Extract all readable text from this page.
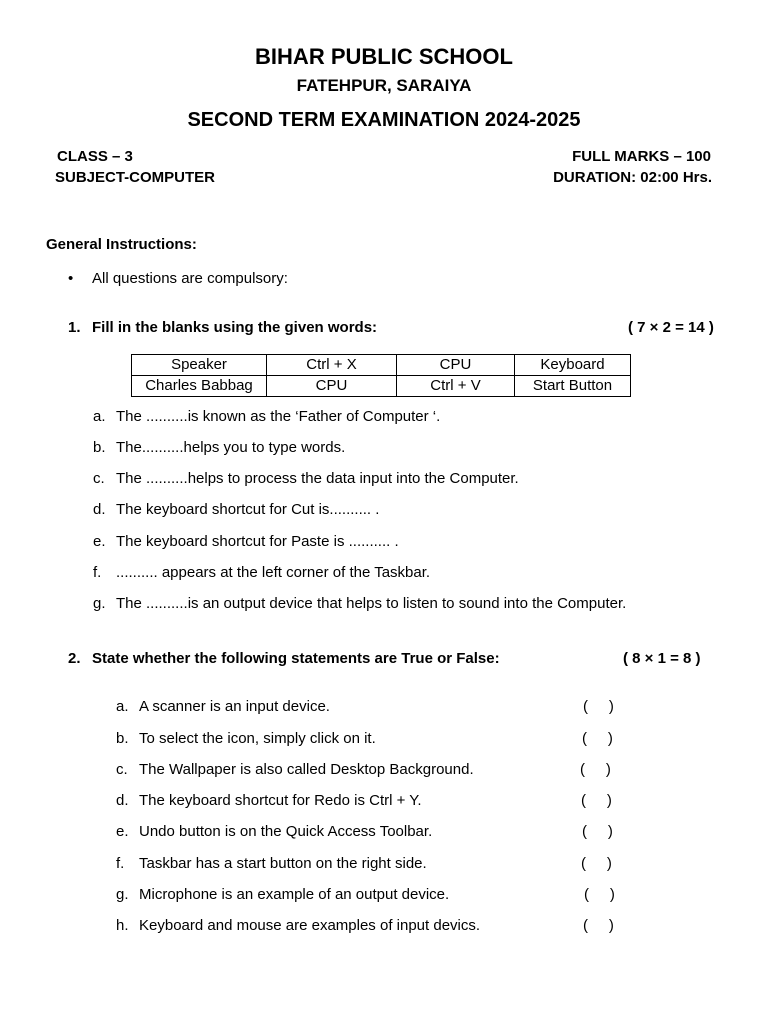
BIHAR PUBLIC SCHOOL
FATEHPUR, SARAIYA
SECOND TERM EXAMINATION 2024-2025
CLASS – 3
SUBJECT-COMPUTER
FULL MARKS – 100
DURATION: 02:00 Hrs.
General Instructions:
• All questions are compulsory:
1. Fill in the blanks using the given words:	( 7 × 2 = 14 )
Speaker	Ctrl + X	CPU	Keyboard
Charles Babbag	CPU	Ctrl + V	Start Button
a. The ..........is known as the ‘Father of Computer ‘.
b. The..........helps you to type words.
c. The ..........helps to process the data input into the Computer.
d. The keyboard shortcut for Cut is.......... .
e. The keyboard shortcut for Paste is .......... .
f. .......... appears at the left corner of the Taskbar.
g. The ..........is an output device that helps to listen to sound into the Computer.
2. State whether the following statements are True or False:	( 8 × 1 = 8 )
a. A scanner is an input device.	(     )
b. To select the icon, simply click on it.	(     )
c. The Wallpaper is also called Desktop Background.	(     )
d. The keyboard shortcut for Redo is Ctrl + Y.	(     )
e. Undo button is on the Quick Access Toolbar.	(     )
f. Taskbar has a start button on the right side.	(     )
g. Microphone is an example of an output device.	(     )
h. Keyboard and mouse are examples of input devics.	(     )
